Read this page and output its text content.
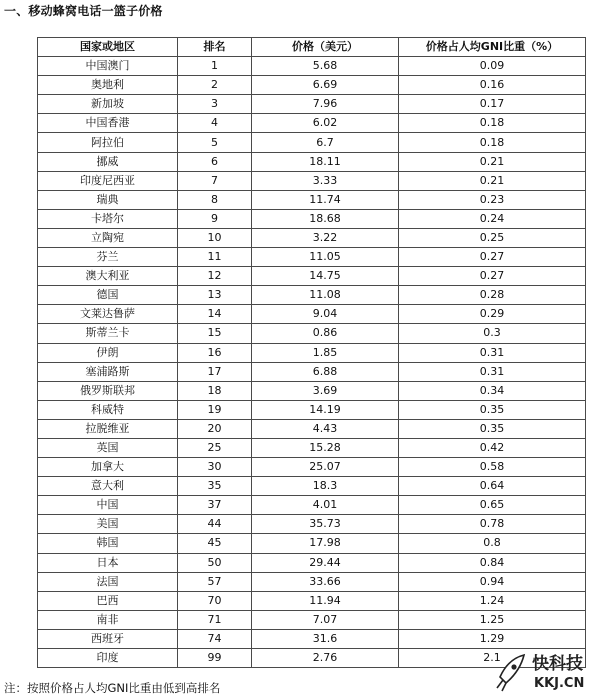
一、移动蜂窝电话一篮子价格
国家或地区	排名	价格（美元）	价格占人均GNI比重（%）
中国澳门	1	5.68	0.09
奥地利	2	6.69	0.16
新加坡	3	7.96	0.17
中国香港	4	6.02	0.18
阿拉伯	5	6.7	0.18
挪威	6	18.11	0.21
印度尼西亚	7	3.33	0.21
瑞典	8	11.74	0.23
卡塔尔	9	18.68	0.24
立陶宛	10	3.22	0.25
芬兰	11	11.05	0.27
澳大利亚	12	14.75	0.27
德国	13	11.08	0.28
文莱达鲁萨	14	9.04	0.29
斯蒂兰卡	15	0.86	0.3
伊朗	16	1.85	0.31
塞浦路斯	17	6.88	0.31
俄罗斯联邦	18	3.69	0.34
科威特	19	14.19	0.35
拉脱维亚	20	4.43	0.35
英国	25	15.28	0.42
加拿大	30	25.07	0.58
意大利	35	18.3	0.64
中国	37	4.01	0.65
美国	44	35.73	0.78
韩国	45	17.98	0.8
日本	50	29.44	0.84
法国	57	33.66	0.94
巴西	70	11.94	1.24
南非	71	7.07	1.25
西班牙	74	31.6	1.29
印度	99	2.76	2.1
注：按照价格占人均GNI比重由低到高排名
快科技
KKJ.CN
